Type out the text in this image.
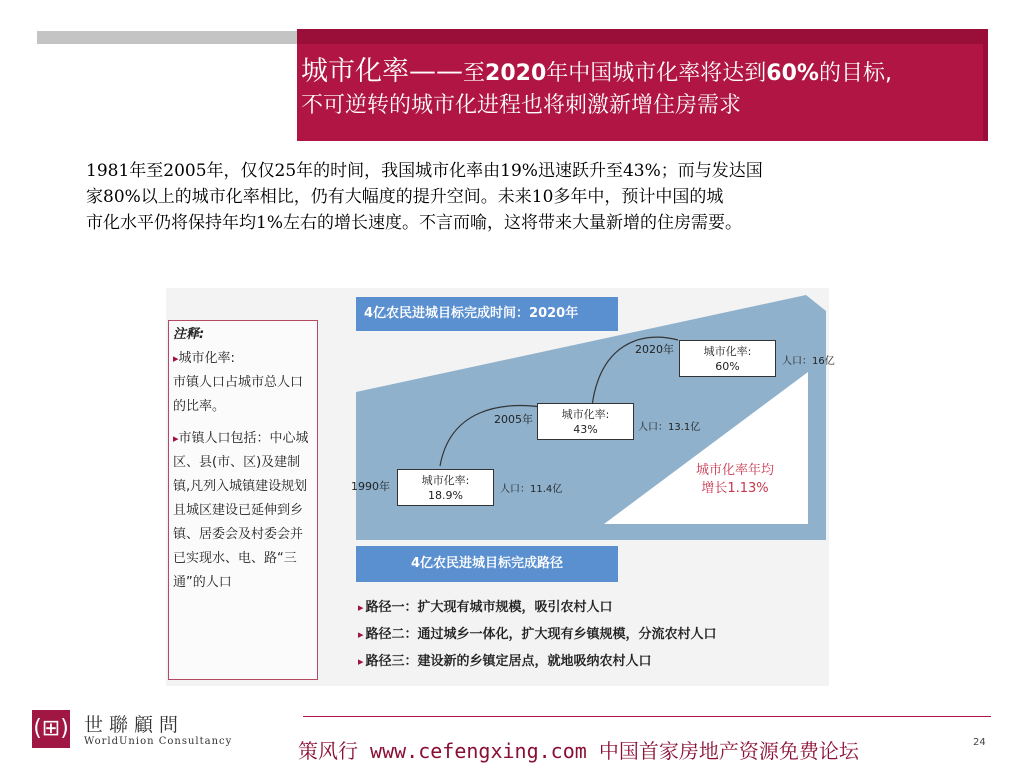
城市化率——至2020年中国城市化率将达到60%的目标,
不可逆转的城市化进程也将刺激新增住房需求

1981年至2005年，仅仅25年的时间，我国城市化率由19%迅速跃升至43%；而与发达国

家80%以上的城市化率相比，仍有大幅度的提升空间。未来10多年中，预计中国的城

市化水平仍将保持年均1%左右的增长速度。不言而喻，这将带来大量新增的住房需要。

注释:
▸ 城市化率:
市镇人口占城市总人口的比率。
▸ 市镇人口包括：中心城区、县(市、区)及建制镇,凡列入城镇建设规划且城区建设已延伸到乡镇、居委会及村委会并已实现水、电、路“三通”的人口
4亿农民进城目标完成时间：2020年
1990年	城市化率:
18.9%	人口：11.4亿
2005年	城市化率:
43%	人口：13.1亿
2020年	城市化率:
60%	人口：16亿
城市化率年均
增长1.13%
4亿农民进城目标完成路径
▸ 路径一：扩大现有城市规模，吸引农村人口
▸ 路径二：通过城乡一体化，扩大现有乡镇规模，分流农村人口
▸ 路径三：建设新的乡镇定居点，就地吸纳农村人口
(⊞) 世聯顧問
WorldUnion Consultancy	策风行 www.cefengxing.com 中国首家房地产资源免费论坛	24
